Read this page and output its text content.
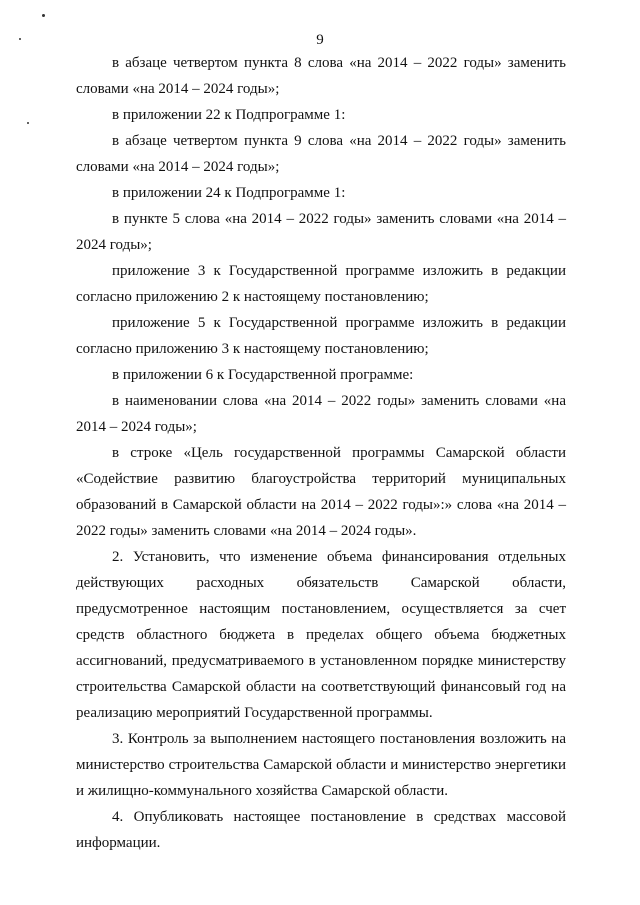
9

в абзаце четвертом пункта 8 слова «на 2014 – 2022 годы» заменить словами «на 2014 – 2024 годы»;

в приложении 22 к Подпрограмме 1:

в абзаце четвертом пункта 9 слова «на 2014 – 2022 годы» заменить словами «на 2014 – 2024 годы»;

в приложении 24 к Подпрограмме 1:

в пункте 5 слова «на 2014 – 2022 годы» заменить словами «на 2014 – 2024 годы»;

приложение 3 к Государственной программе изложить в редакции согласно приложению 2 к настоящему постановлению;

приложение 5 к Государственной программе изложить в редакции согласно приложению 3 к настоящему постановлению;

в приложении 6 к Государственной программе:

в наименовании слова «на 2014 – 2022 годы» заменить словами «на 2014 – 2024 годы»;

в строке «Цель государственной программы Самарской области «Содействие развитию благоустройства территорий муниципальных образований в Самарской области на 2014 – 2022 годы»:» слова «на 2014 – 2022 годы» заменить словами «на 2014 – 2024 годы».

2. Установить, что изменение объема финансирования отдельных действующих расходных обязательств Самарской области, предусмотренное настоящим постановлением, осуществляется за счет средств областного бюджета в пределах общего объема бюджетных ассигнований, предусматриваемого в установленном порядке министерству строительства Самарской области на соответствующий финансовый год на реализацию мероприятий Государственной программы.

3. Контроль за выполнением настоящего постановления возложить на министерство строительства Самарской области и министерство энергетики и жилищно-коммунального хозяйства Самарской области.

4. Опубликовать настоящее постановление в средствах массовой информации.
